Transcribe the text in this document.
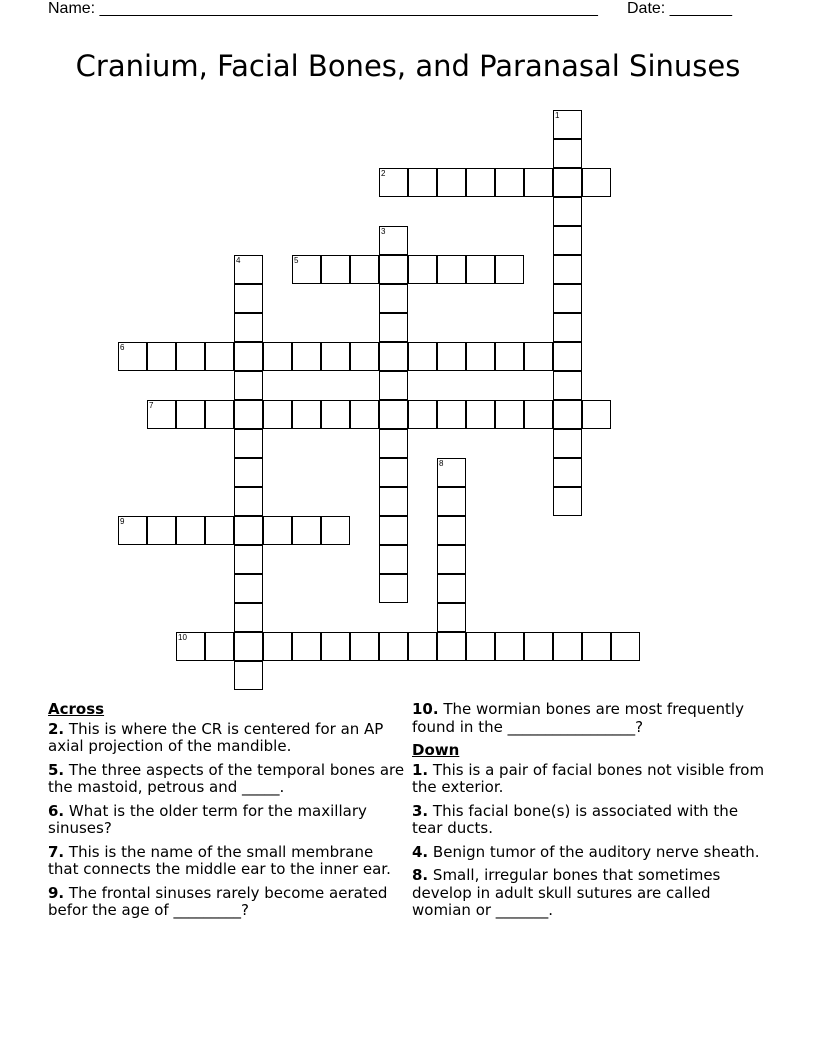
Name: ________________________________________________________ Date: _______
Cranium, Facial Bones, and Paranasal Sinuses
1
2
3
4	5
6
7
8
9
10
Across
2. This is where the CR is centered for an AP axial projection of the mandible.
5. The three aspects of the temporal bones are the mastoid, petrous and _____.
6. What is the older term for the maxillary sinuses?
7. This is the name of the small membrane that connects the middle ear to the inner ear.
9. The frontal sinuses rarely become aerated befor the age of _________?
10. The wormian bones are most frequently found in the _________________?
Down
1. This is a pair of facial bones not visible from the exterior.
3. This facial bone(s) is associated with the tear ducts.
4. Benign tumor of the auditory nerve sheath.
8. Small, irregular bones that sometimes develop in adult skull sutures are called womian or _______.
